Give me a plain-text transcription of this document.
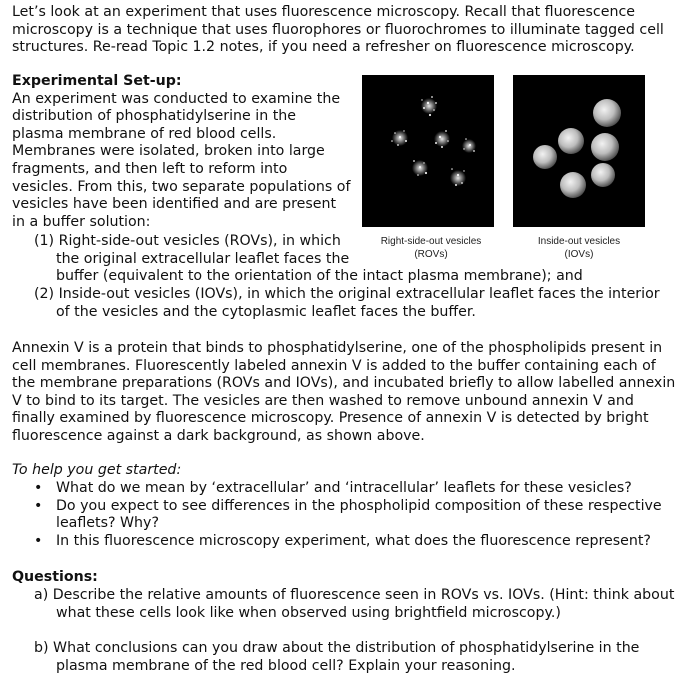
Let’s look at an experiment that uses fluorescence microscopy. Recall that fluorescence microscopy is a technique that uses fluorophores or fluorochromes to illuminate tagged cell structures. Re-read Topic 1.2 notes, if you need a refresher on fluorescence microscopy.

Experimental Set-up:
An experiment was conducted to examine the distribution of phosphatidylserine in the plasma membrane of red blood cells. Membranes were isolated, broken into large fragments, and then left to reform into vesicles. From this, two separate populations of vesicles have been identified and are present in a buffer solution:
Right-side-out vesicles
(ROVs)
Inside-out vesicles
(IOVs)
(1) Right-side-out vesicles (ROVs), in which the original extracellular leaflet faces the
buffer (equivalent to the orientation of the intact plasma membrane); and
(2) Inside-out vesicles (IOVs), in which the original extracellular leaflet faces the interior of the vesicles and the cytoplasmic leaflet faces the buffer.

Annexin V is a protein that binds to phosphatidylserine, one of the phospholipids present in cell membranes. Fluorescently labeled annexin V is added to the buffer containing each of the membrane preparations (ROVs and IOVs), and incubated briefly to allow labelled annexin V to bind to its target. The vesicles are then washed to remove unbound annexin V and finally examined by fluorescence microscopy. Presence of annexin V is detected by bright fluorescence against a dark background, as shown above.

To help you get started:
• What do we mean by ‘extracellular’ and ‘intracellular’ leaflets for these vesicles?
• Do you expect to see differences in the phospholipid composition of these respective leaflets? Why?
• In this fluorescence microscopy experiment, what does the fluorescence represent?
Questions:
a) Describe the relative amounts of fluorescence seen in ROVs vs. IOVs. (Hint: think about what these cells look like when observed using brightfield microscopy.)
b) What conclusions can you draw about the distribution of phosphatidylserine in the plasma membrane of the red blood cell? Explain your reasoning.
